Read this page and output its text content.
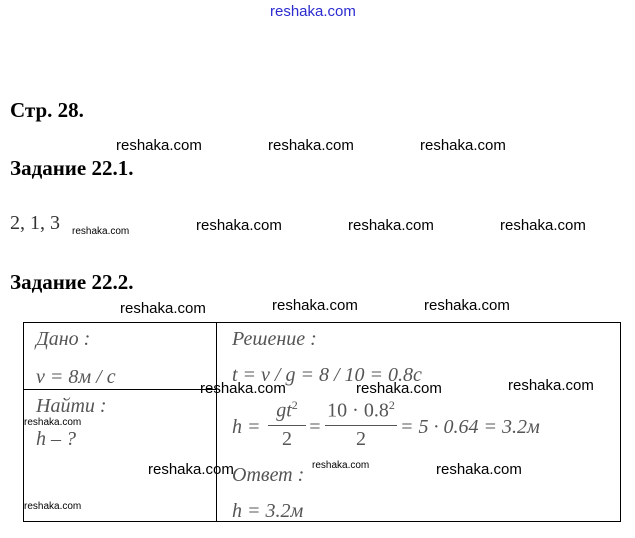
reshaka.com
Стр. 28.
reshaka.com	reshaka.com	reshaka.com
Задание 22.1.
2, 1, 3 reshaka.com	reshaka.com	reshaka.com	reshaka.com
Задание 22.2.
reshaka.com	reshaka.com	reshaka.com
Дано :
v = 8м / с
Найти :
h – ?
Решение :
t = v / g = 8 / 10 = 0.8с
h =
$gt^2$
2
=
$10 \cdot 0.8^2$
2
= 5 · 0.64 = 3.2м
Ответ :
h = 3.2м
reshaka.com	reshaka.com	reshaka.com
reshaka.com
reshaka.com	reshaka.com	reshaka.com
reshaka.com
